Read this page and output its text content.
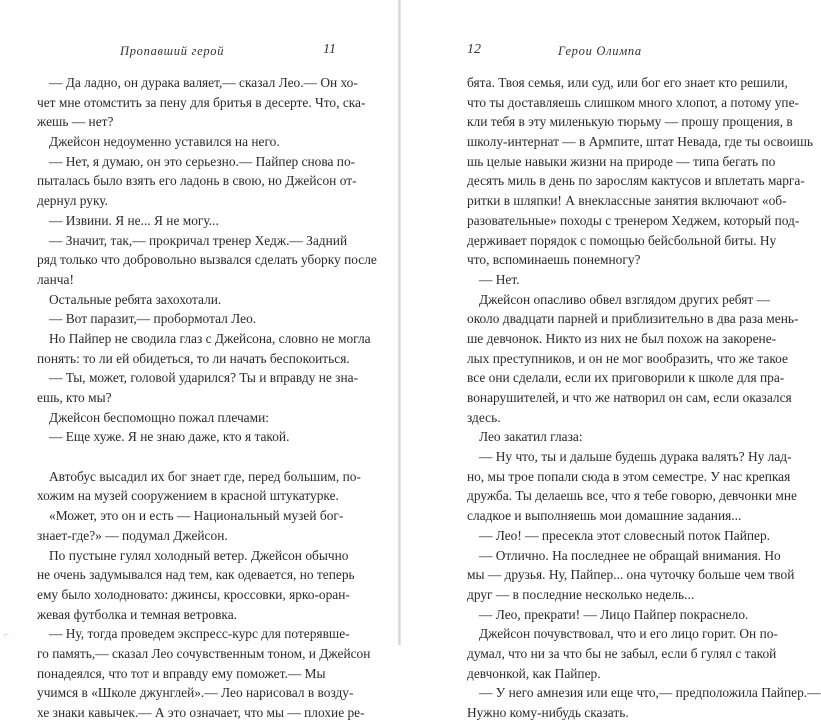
Пропавший герой	11
— Да ладно, он дурака валяет,— сказал Лео.— Он хо-
чет мне отомстить за пену для бритья в десерте. Что, ска-
жешь — нет?
Джейсон недоуменно уставился на него.
— Нет, я думаю, он это серьезно.— Пайпер снова по-
пыталась было взять его ладонь в свою, но Джейсон от-
дернул руку.
— Извини. Я не... Я не могу...
— Значит, так,— прокричал тренер Хедж.— Задний
ряд только что добровольно вызвался сделать уборку после
ланча!
Остальные ребята захохотали.
— Вот паразит,— пробормотал Лео.
Но Пайпер не сводила глаз с Джейсона, словно не могла
понять: то ли ей обидеться, то ли начать беспокоиться.
— Ты, может, головой ударился? Ты и вправду не зна-
ешь, кто мы?
Джейсон беспомощно пожал плечами:
— Еще хуже. Я не знаю даже, кто я такой.
Автобус высадил их бог знает где, перед большим, по-
хожим на музей сооружением в красной штукатурке.
«Может, это он и есть — Национальный музей бог-
знает-где?» — подумал Джейсон.
По пустыне гулял холодный ветер. Джейсон обычно
не очень задумывался над тем, как одевается, но теперь
ему было холодновато: джинсы, кроссовки, ярко-оран-
жевая футболка и темная ветровка.
— Ну, тогда проведем экспресс-курс для потерявше-
го память,— сказал Лео сочувственным тоном, и Джейсон
понадеялся, что тот и вправду ему поможет.— Мы
учимся в «Школе джунглей».— Лео нарисовал в возду-
хе знаки кавычек.— А это означает, что мы — плохие ре-
12	Герои Олимпа
бята. Твоя семья, или суд, или бог его знает кто решили,
что ты доставляешь слишком много хлопот, а потому упе-
кли тебя в эту миленькую тюрьму — прошу прощения, в
школу-интернат — в Армпите, штат Невада, где ты освоишь
шь целые навыки жизни на природе — типа бегать по
десять миль в день по зарослям кактусов и вплетать марга-
ритки в шляпки! А внеклассные занятия включают «об-
разовательные» походы с тренером Хеджем, который под-
держивает порядок с помощью бейсбольной биты. Ну
что, вспоминаешь понемногу?
— Нет.
Джейсон опасливо обвел взглядом других ребят —
около двадцати парней и приблизительно в два раза мень-
ше девчонок. Никто из них не был похож на закорене-
лых преступников, и он не мог вообразить, что же такое
все они сделали, если их приговорили к школе для пра-
вонарушителей, и что же натворил он сам, если оказался
здесь.
Лео закатил глаза:
— Ну что, ты и дальше будешь дурака валять? Ну лад-
но, мы трое попали сюда в этом семестре. У нас крепкая
дружба. Ты делаешь все, что я тебе говорю, девчонки мне
сладкое и выполняешь мои домашние задания...
— Лео! — пресекла этот словесный поток Пайпер.
— Отлично. На последнее не обращай внимания. Но
мы — друзья. Ну, Пайпер... она чуточку больше чем твой
друг — в последние несколько недель...
— Лео, прекрати! — Лицо Пайпер покраснело.
Джейсон почувствовал, что и его лицо горит. Он по-
думал, что ни за что бы не забыл, если б гулял с такой
девчонкой, как Пайпер.
— У него амнезия или еще что,— предположила Пайпер.—
Нужно кому-нибудь сказать.
⌐
